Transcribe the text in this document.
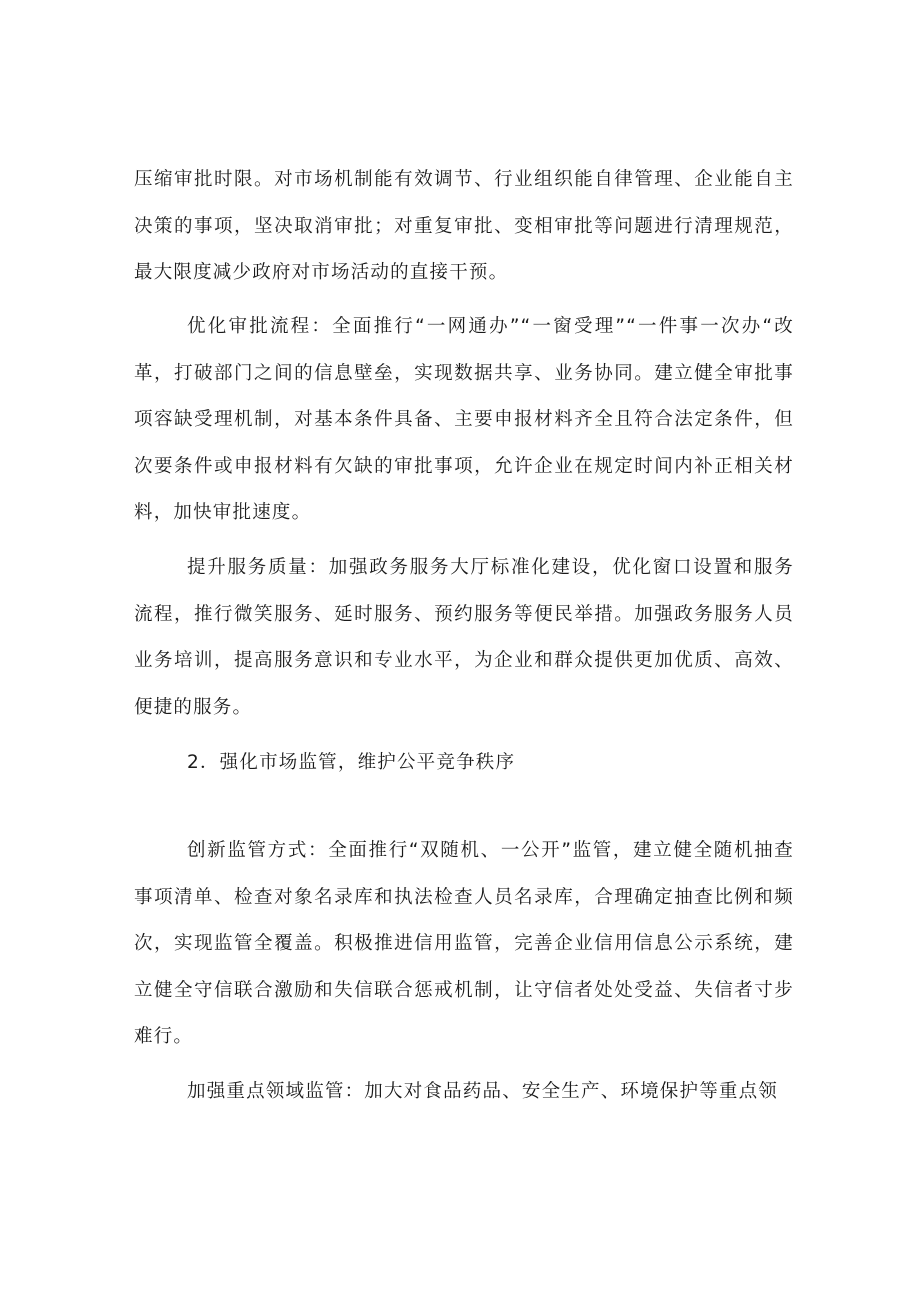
压缩审批时限。对市场机制能有效调节、行业组织能自律管理、企业能自主决策的事项，坚决取消审批；对重复审批、变相审批等问题进行清理规范，最大限度减少政府对市场活动的直接干预。

优化审批流程：全面推行“一网通办”“一窗受理”“一件事一次办“改革，打破部门之间的信息壁垒，实现数据共享、业务协同。建立健全审批事项容缺受理机制，对基本条件具备、主要申报材料齐全且符合法定条件，但次要条件或申报材料有欠缺的审批事项，允许企业在规定时间内补正相关材料，加快审批速度。

提升服务质量：加强政务服务大厅标准化建设，优化窗口设置和服务流程，推行微笑服务、延时服务、预约服务等便民举措。加强政务服务人员业务培训，提高服务意识和专业水平，为企业和群众提供更加优质、高效、便捷的服务。

2．强化市场监管，维护公平竞争秩序

创新监管方式：全面推行“双随机、一公开”监管，建立健全随机抽查事项清单、检查对象名录库和执法检查人员名录库，合理确定抽查比例和频次，实现监管全覆盖。积极推进信用监管，完善企业信用信息公示系统，建立健全守信联合激励和失信联合惩戒机制，让守信者处处受益、失信者寸步难行。

加强重点领域监管：加大对食品药品、安全生产、环境保护等重点领
